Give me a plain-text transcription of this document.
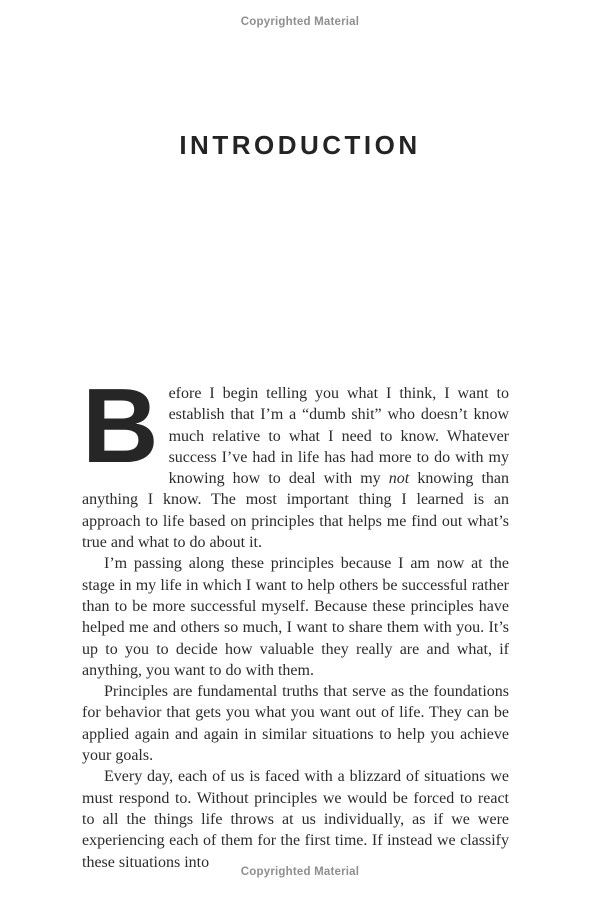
Copyrighted Material
INTRODUCTION

Before I begin telling you what I think, I want to establish that I’m a “dumb shit” who doesn’t know much relative to what I need to know. Whatever success I’ve had in life has had more to do with my knowing how to deal with my not knowing than anything I know. The most important thing I learned is an approach to life based on principles that helps me find out what’s true and what to do about it.

I’m passing along these principles because I am now at the stage in my life in which I want to help others be successful rather than to be more successful myself. Because these principles have helped me and others so much, I want to share them with you. It’s up to you to decide how valuable they really are and what, if anything, you want to do with them.

Principles are fundamental truths that serve as the foundations for behavior that gets you what you want out of life. They can be applied again and again in similar situations to help you achieve your goals.

Every day, each of us is faced with a blizzard of situations we must respond to. Without principles we would be forced to react to all the things life throws at us individually, as if we were experiencing each of them for the first time. If instead we classify these situations into

Copyrighted Material
